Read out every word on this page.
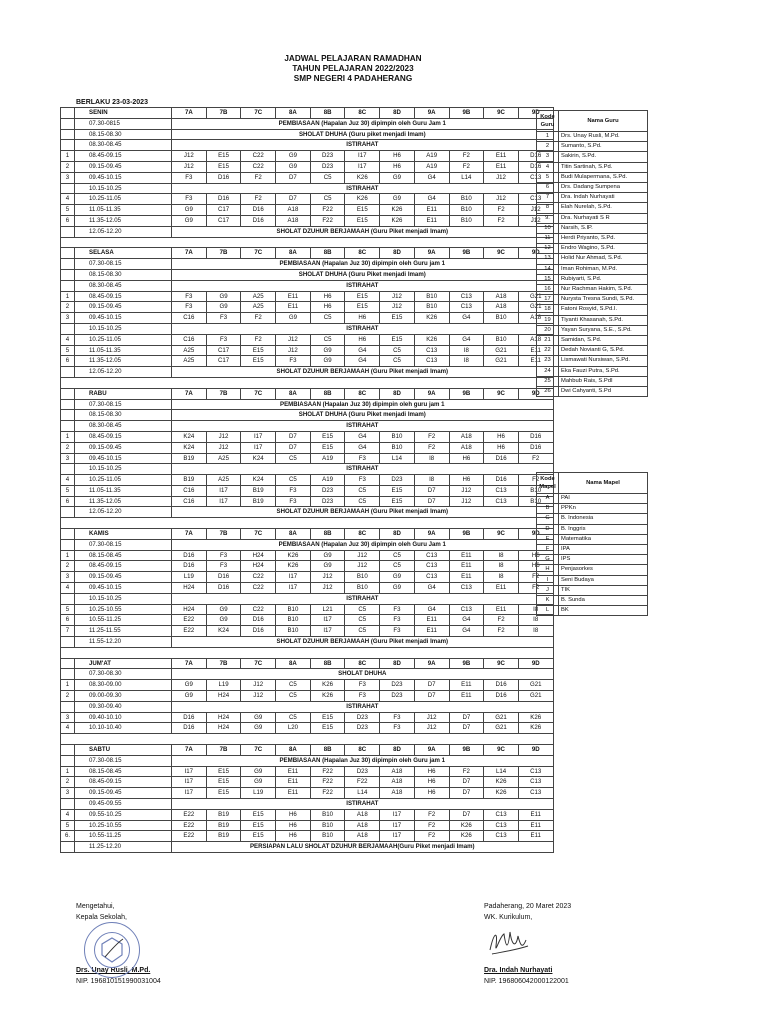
JADWAL PELAJARAN RAMADHAN
TAHUN PELAJARAN 2022/2023
SMP NEGERI 4 PADAHERANG
BERLAKU 23-03-2023
	SENIN	7A	7B	7C	8A	8B	8C	8D	9A	9B	9C	9D
	07.30-0815	PEMBIASAAN (Hapalan Juz 30) dipimpin oleh Guru Jam 1										
	08.15-08.30	SHOLAT DHUHA (Guru piket menjadi Imam)										
	08.30-08.45	ISTIRAHAT										
1	08.45-09.15	J12	E15	C22	G9	D23	I17	H6	A19	F2	E11	D16
2	09.15-09.45	J12	E15	C22	G9	D23	I17	H6	A19	F2	E11	D16
3	09.45-10.15	F3	D16	F2	D7	C5	K26	G9	G4	L14	J12	C13
	10.15-10.25	ISTIRAHAT										
4	10.25-11.05	F3	D16	F2	D7	C5	K26	G9	G4	B10	J12	C13
5	11.05-11.35	G9	C17	D16	A18	F22	E15	K26	E11	B10	F2	J12
6	11.35-12.05	G9	C17	D16	A18	F22	E15	K26	E11	B10	F2	J12
	12.05-12.20	SHOLAT DZUHUR BERJAMAAH (Guru Piket menjadi Imam)										

	SELASA	7A	7B	7C	8A	8B	8C	8D	9A	9B	9C	9D
	07.30-08.15	PEMBIASAAN (Hapalan Juz 30) dipimpin oleh Guru jam 1										
	08.15-08.30	SHOLAT DHUHA (Guru Piket menjadi Imam)										
	08.30-08.45	ISTIRAHAT										
1	08.45-09.15	F3	G9	A25	E11	H6	E15	J12	B10	C13	A18	G21
2	09.15-09.45	F3	G9	A25	E11	H6	E15	J12	B10	C13	A18	G21
3	09.45-10.15	C16	F3	F2	G9	C5	H6	E15	K26	G4	B10	A18
	10.15-10.25	ISTIRAHAT										
4	10.25-11.05	C16	F3	F2	J12	C5	H6	E15	K26	G4	B10	A18
5	11.05-11.35	A25	C17	E15	J12	G9	G4	C5	C13	I8	G21	E11
6	11.35-12.05	A25	C17	E15	F3	G9	G4	C5	C13	I8	G21	E11
	12.05-12.20	SHOLAT DZUHUR BERJAMAAH (Guru Piket menjadi Imam)										

	RABU	7A	7B	7C	8A	8B	8C	8D	9A	9B	9C	9D
	07.30-08.15	PEMBIASAAN (Hapalan Juz 30) dipimpin oleh guru jam 1										
	08.15-08.30	SHOLAT DHUHA (Guru Piket menjadi Imam)										
	08.30-08.45	ISTIRAHAT										
1	08.45-09.15	K24	J12	I17	D7	E15	G4	B10	F2	A18	H6	D16
2	09.15-09.45	K24	J12	I17	D7	E15	G4	B10	F2	A18	H6	D16
3	09.45-10.15	B19	A25	K24	C5	A19	F3	L14	I8	H6	D16	F2
	10.15-10.25	ISTIRAHAT										
4	10.25-11.05	B19	A25	K24	C5	A19	F3	D23	I8	H6	D16	F2
5	11.05-11.35	C16	I17	B19	F3	D23	C5	E15	D7	J12	C13	B10
6	11.35-12.05	C16	I17	B19	F3	D23	C5	E15	D7	J12	C13	B10
	12.05-12.20	SHOLAT DZUHUR BERJAMAAH (Guru Piket menjadi Imam)										

	KAMIS	7A	7B	7C	8A	8B	8C	8D	9A	9B	9C	9D
	07.30-08.15	PEMBIASAAN (Hapalan Juz 30) dipimpin oleh Guru Jam 1										
1	08.15-08.45	D16	F3	H24	K26	G9	J12	C5	C13	E11	I8	H6
2	08.45-09.15	D16	F3	H24	K26	G9	J12	C5	C13	E11	I8	H6
3	09.15-09.45	L19	D16	C22	I17	J12	B10	G9	C13	E11	I8	F2
4	09.45-10.15	H24	D16	C22	I17	J12	B10	G9	G4	C13	E11	F2
	10.15-10.25	ISTIRAHAT										
5	10.25-10.55	H24	G9	C22	B10	L21	C5	F3	G4	C13	E11	I8
6	10.55-11.25	E22	G9	D16	B10	I17	C5	F3	E11	G4	F2	I8
7	11.25-11.55	E22	K24	D16	B10	I17	C5	F3	E11	G4	F2	I8
	11.55-12.20	SHOLAT DZUHUR BERJAMAAH (Guru Piket menjadi Imam)										

	JUM'AT	7A	7B	7C	8A	8B	8C	8D	9A	9B	9C	9D
	07.30-08.30	SHOLAT DHUHA										
1	08.30-09.00	G9	L19	J12	C5	K26	F3	D23	D7	E11	D16	G21
2	09.00-09.30	G9	H24	J12	C5	K26	F3	D23	D7	E11	D16	G21
	09.30-09.40	ISTIRAHAT										
3	09.40-10.10	D16	H24	G9	C5	E15	D23	F3	J12	D7	G21	K26
4	10.10-10.40	D16	H24	G9	L20	E15	D23	F3	J12	D7	G21	K26

	SABTU	7A	7B	7C	8A	8B	8C	8D	9A	9B	9C	9D
	07.30-08.15	PEMBIASAAN (Hapalan Juz 30) dipimpin oleh Guru jam 1										
1	08.15-08.45	I17	E15	G9	E11	F22	D23	A18	H6	F2	L14	C13
2	08.45-09.15	I17	E15	G9	E11	F22	F22	A18	H6	D7	K26	C13
3	09.15-09.45	I17	E15	L19	E11	F22	L14	A18	H6	D7	K26	C13
	09.45-09.55	ISTIRAHAT										
4	09.55-10.25	E22	B19	E15	H6	B10	A18	I17	F2	D7	C13	E11
5	10.25-10.55	E22	B19	E15	H6	B10	A18	I17	F2	K26	C13	E11
6.	10.55-11.25	E22	B19	E15	H6	B10	A18	I17	F2	K26	C13	E11
	11.25-12.20	PERSIAPAN LALU SHOLAT DZUHUR BERJAMAAH(Guru Piket menjadi Imam)										
Kode Guru	Nama Guru
1	Drs. Unay Rusli, M.Pd.
2	Sumanto, S.Pd.
3	Sakirin, S.Pd.
4	Titin Sartinah, S.Pd.
5	Budi Mulapermana, S.Pd.
6	Drs. Dadang Sumpena
7	Dra. Indah Nurhayati
8	Elah Nurelah, S.Pd.
9.	Dra. Nurhayati S R
10	Narsih, S.IP.
11	Herdi Priyanto, S.Pd.
12	Endro Wagino, S.Pd.
13	Holid Nur Ahmad, S.Pd.
14	Iman Rohiman, M.Pd.
15	Rubiyarti, S.Pd.
16	Nur Rachman Hakim, S.Pd.
17	Nurysta Tresna Sundi, S.Pd.
18	Fatoni Rosyid, S.Pd.I.
19	Tiyanti Khasanah, S.Pd.
20	Yayan Suryana, S.E., S.Pd.
21	Samidan, S.Pd.
22	Dedah Novianti G, S.Pd.
23	Lismawati Nursiwan, S.Pd.
24	Eka Fauzi Putra, S.Pd.
25	Mahbub Rais, S.PdI
26	Dwi Cahyanti, S.Pd
Kode Mapel	Nama Mapel
A	PAI
B	PPKn
C	B. Indonesia
D	B. Inggris
E	Matematika
F	IPA
G	IPS
H	Penjasorkes
I	Seni Budaya
J	TIK
K	B. Sunda
L	BK
Mengetahui,
Kepala Sekolah,
Drs. Unay Rusli, M.Pd.
NIP. 196810151990031004
Padaherang, 20 Maret 2023
WK. Kurikulum,
Dra. Indah Nurhayati
NIP. 196806042000122001
